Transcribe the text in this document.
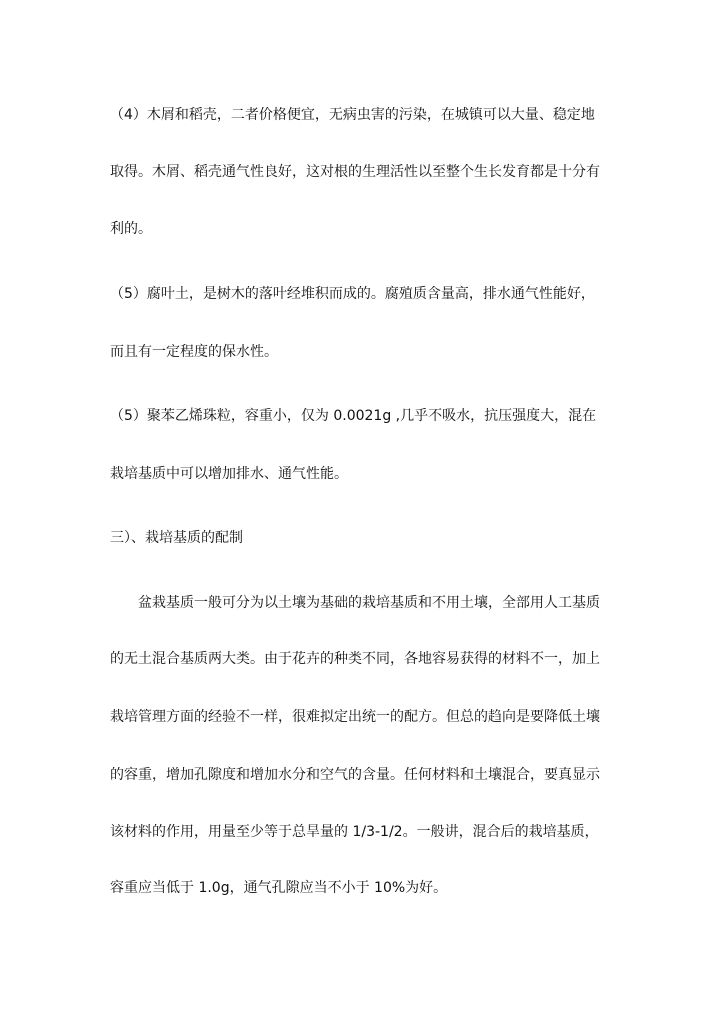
（4）木屑和稻壳，二者价格便宜，无病虫害的污染，在城镇可以大量、稳定地

取得。木屑、稻壳通气性良好，这对根的生理活性以至整个生长发育都是十分有

利的。

（5）腐叶土，是树木的落叶经堆积而成的。腐殖质含量高，排水通气性能好，

而且有一定程度的保水性。

（5）聚苯乙烯珠粒，容重小，仅为 0.0021g ,几乎不吸水，抗压强度大，混在

栽培基质中可以增加排水、通气性能。

三）、栽培基质的配制

盆栽基质一般可分为以土壤为基础的栽培基质和不用土壤，全部用人工基质

的无土混合基质两大类。由于花卉的种类不同，各地容易获得的材料不一，加上

栽培管理方面的经验不一样，很难拟定出统一的配方。但总的趋向是要降低土壤

的容重，增加孔隙度和增加水分和空气的含量。任何材料和土壤混合，要真显示

该材料的作用，用量至少等于总旱量的 1/3-1/2。一般讲，混合后的栽培基质，

容重应当低于 1.0g，通气孔隙应当不小于 10%为好。
